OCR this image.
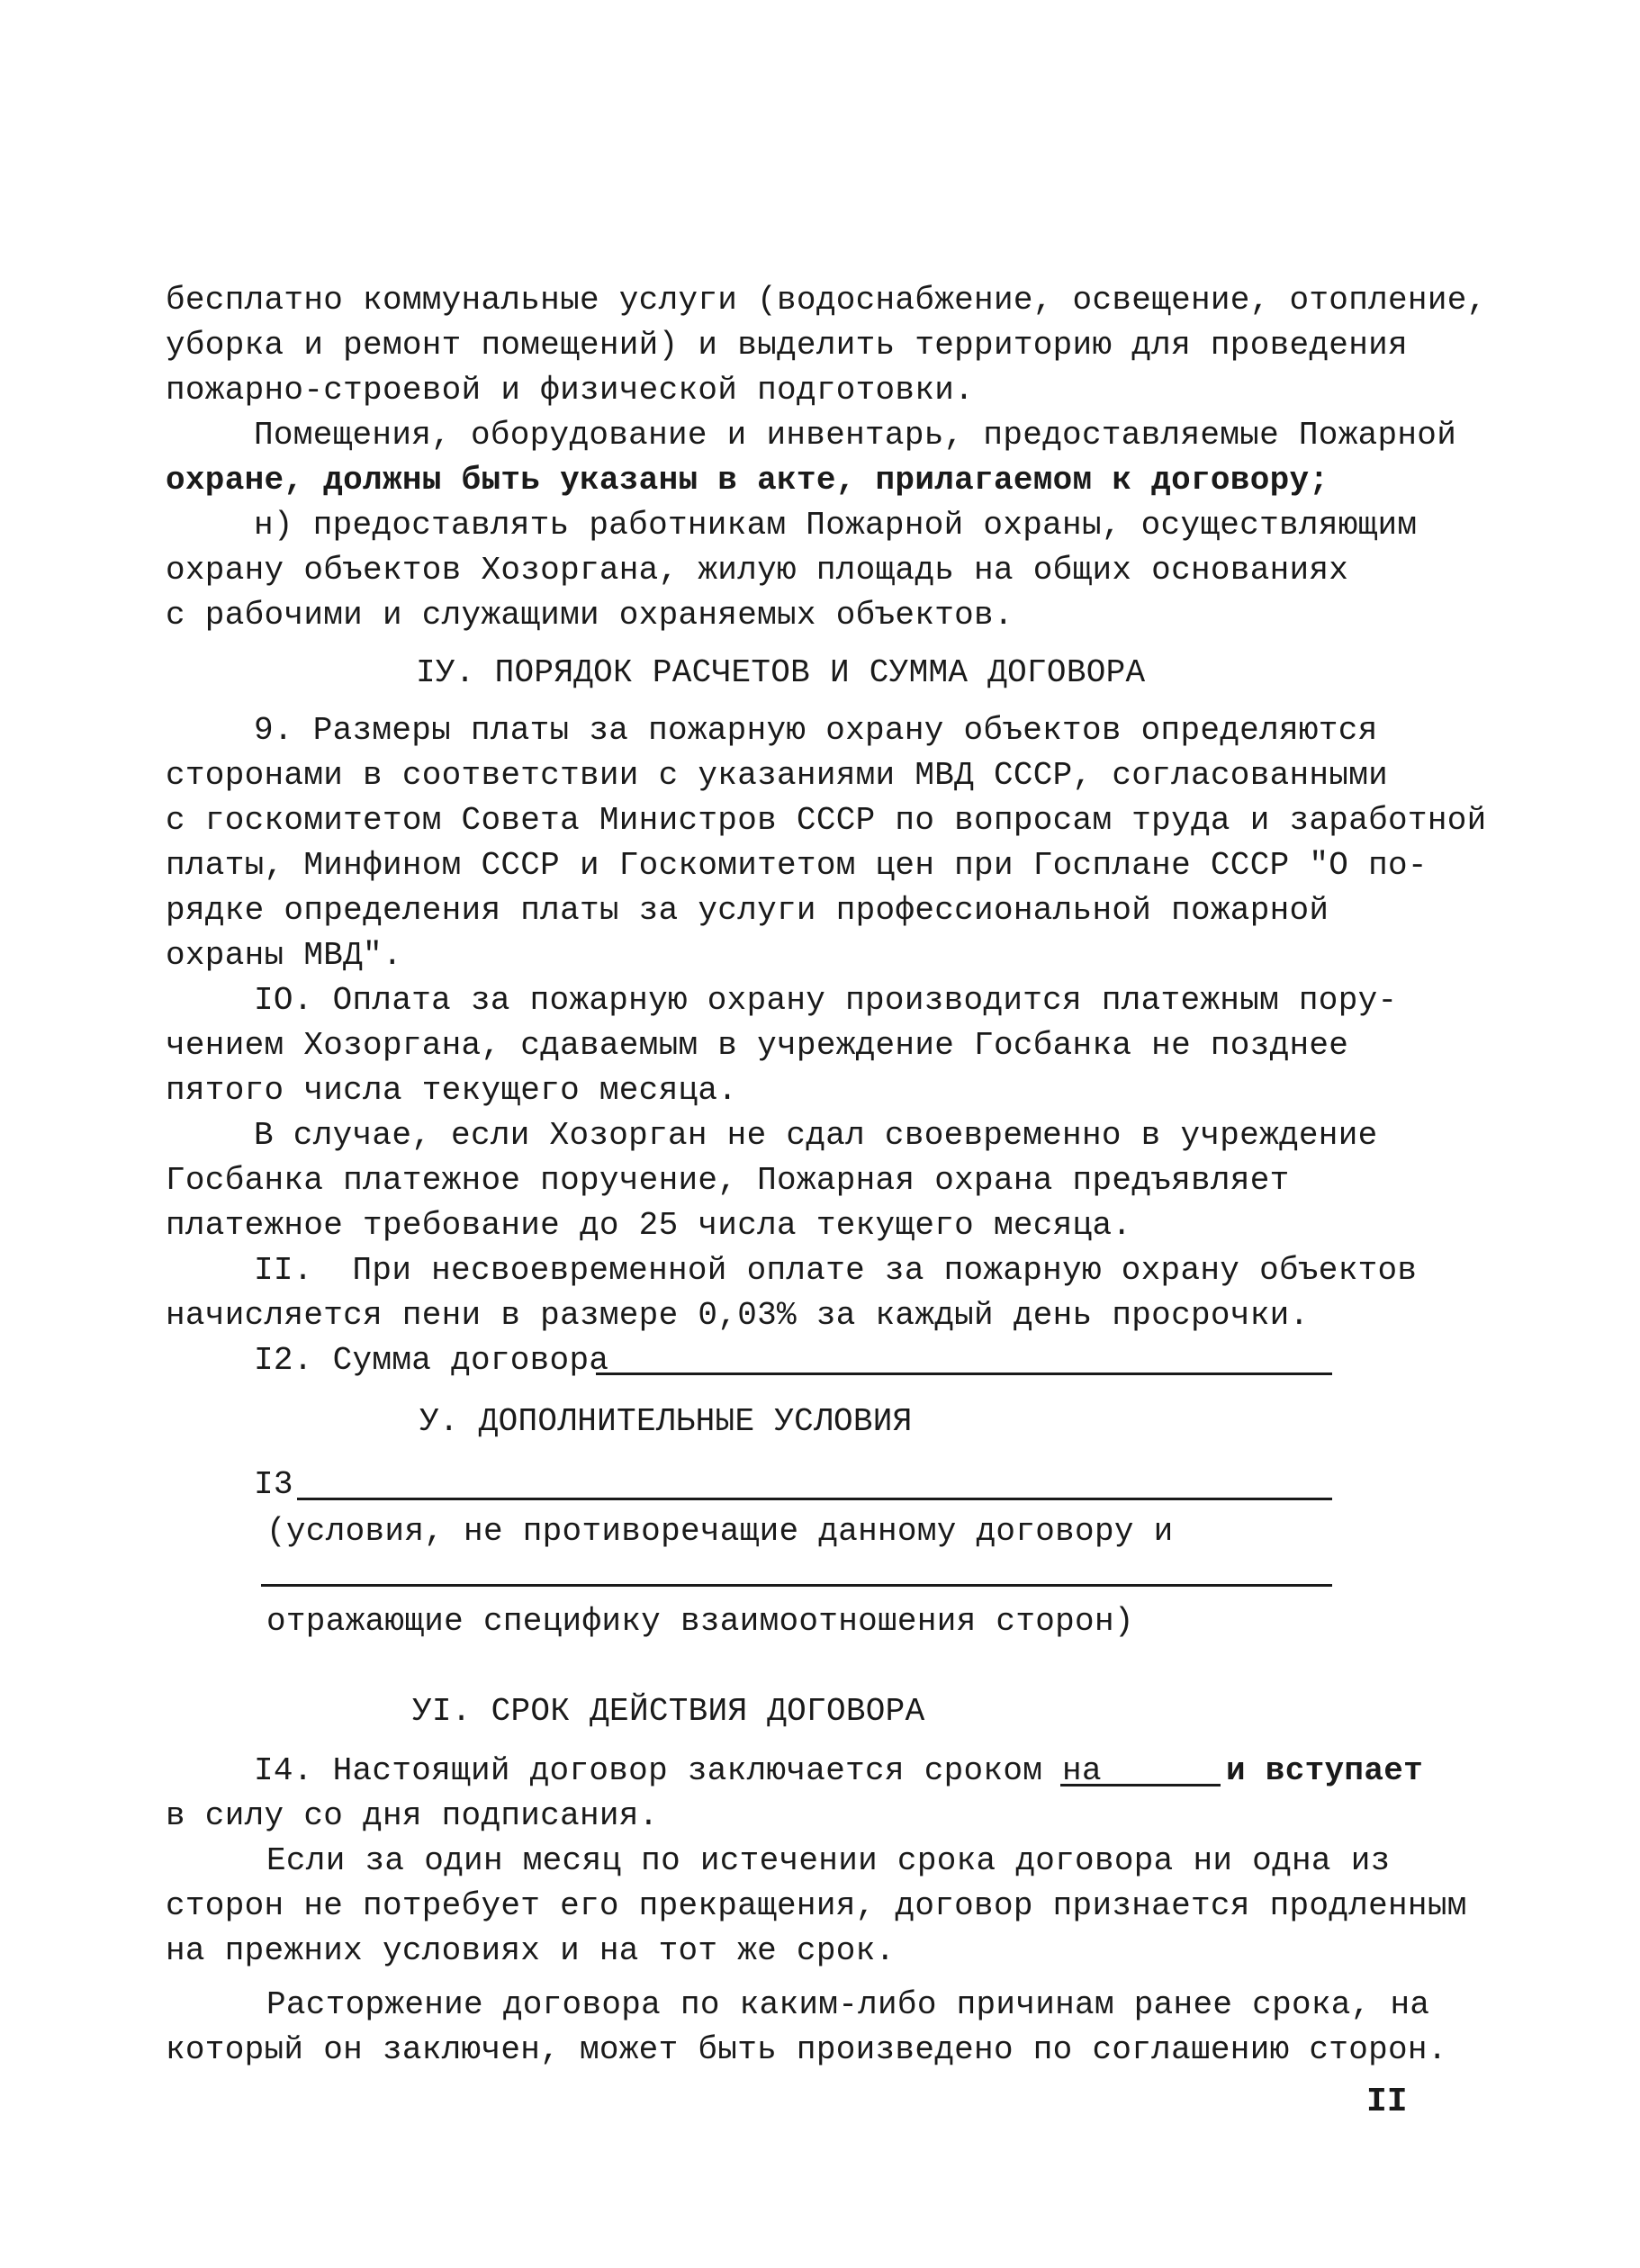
бесплатно коммунальные услуги (водоснабжение, освещение, отопление,
уборка и ремонт помещений) и выделить территорию для проведения
пожарно-строевой и физической подготовки.
Помещения, оборудование и инвентарь, предоставляемые Пожарной
охране, должны быть указаны в акте, прилагаемом к договору;
н) предоставлять работникам Пожарной охраны, осуществляющим
охрану объектов Хозоргана, жилую площадь на общих основаниях
с рабочими и служащими охраняемых объектов.
IУ. ПОРЯДОК РАСЧЕТОВ И СУММА ДОГОВОРА
9. Размеры платы за пожарную охрану объектов определяются
сторонами в соответствии с указаниями МВД СССР, согласованными
с госкомитетом Совета Министров СССР по вопросам труда и заработной
платы, Минфином СССР и Госкомитетом цен при Госплане СССР "О по-
рядке определения платы за услуги профессиональной пожарной
охраны МВД".
IO. Оплата за пожарную охрану производится платежным пору-
чением Хозоргана, сдаваемым в учреждение Госбанка не позднее
пятого числа текущего месяца.
В случае, если Хозорган не сдал своевременно в учреждение
Госбанка платежное поручение, Пожарная охрана предъявляет
платежное требование до 25 числа текущего месяца.
II.  При несвоевременной оплате за пожарную охрану объектов
начисляется пени в размере 0,03% за каждый день просрочки.
I2. Сумма договора
У. ДОПОЛНИТЕЛЬНЫЕ УСЛОВИЯ
I3
(условия, не противоречащие данному договору и
отражающие специфику взаимоотношения сторон)
УI. СРОК ДЕЙСТВИЯ ДОГОВОРА
I4. Настоящий договор заключается сроком на	и вступает
в силу со дня подписания.
Если за один месяц по истечении срока договора ни одна из
сторон не потребует его прекращения, договор признается продленным
на прежних условиях и на тот же срок.
Расторжение договора по каким-либо причинам ранее срока, на
который он заключен, может быть произведено по соглашению сторон.
II
